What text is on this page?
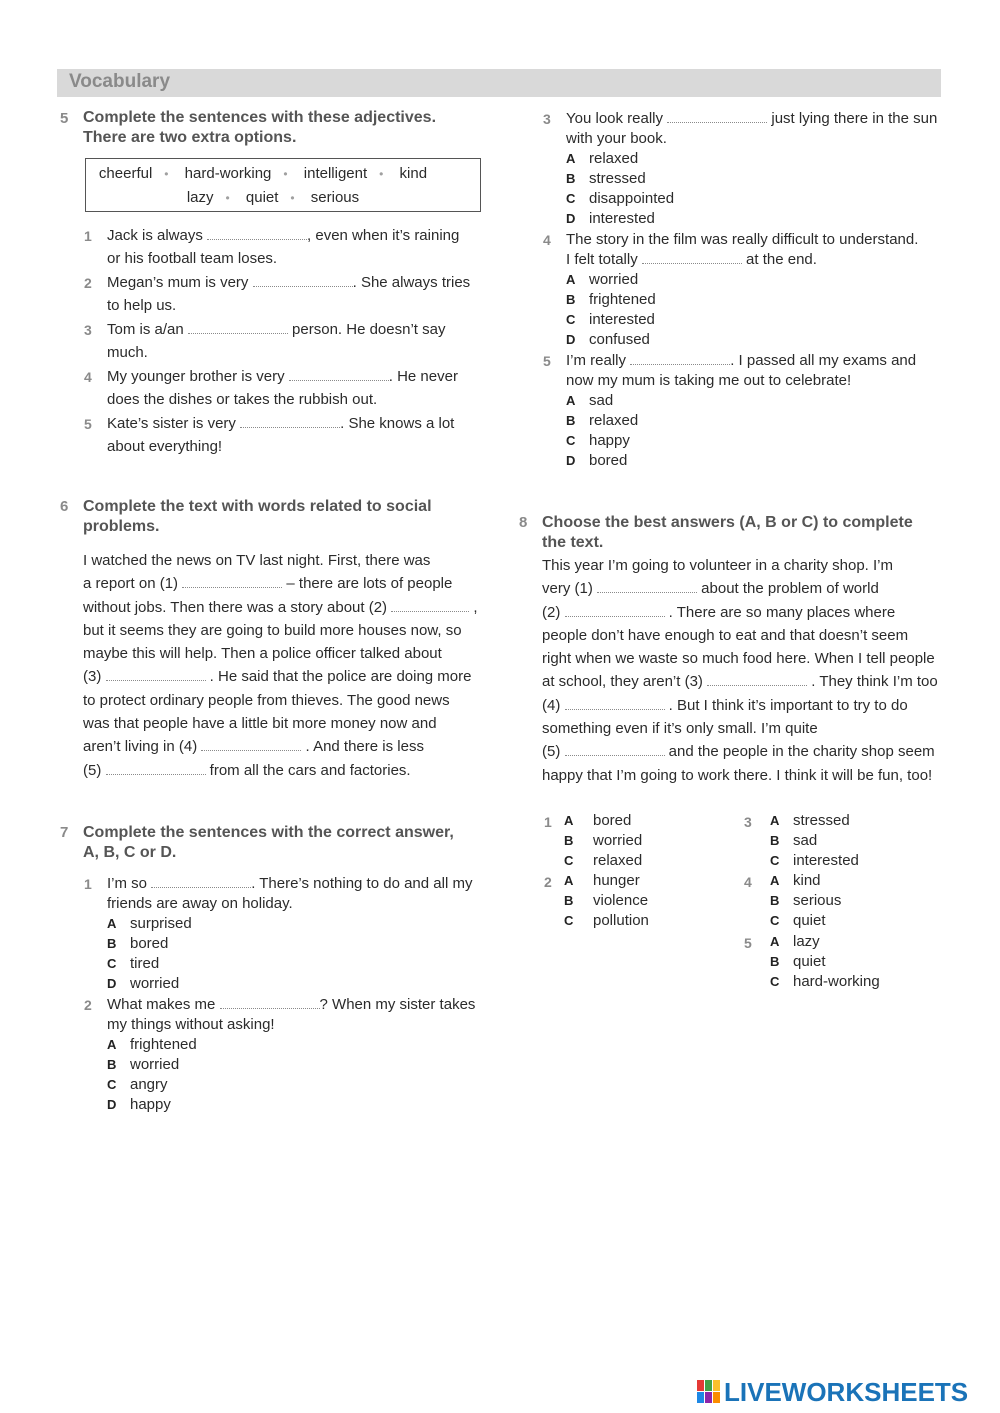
Vocabulary
5 Complete the sentences with these adjectives.
There are two extra options.
cheerful • hard-working • intelligent • kind
lazy • quiet • serious
1 Jack is always	, even when it’s raining
or his football team loses.
2 Megan’s mum is very	. She always tries
to help us.
3 Tom is a/an	person. He doesn’t say
much.
4 My younger brother is very	. He never
does the dishes or takes the rubbish out.
5 Kate’s sister is very	. She knows a lot
about everything!
6 Complete the text with words related to social
problems.
I watched the news on TV last night. First, there was
a report on (1)	– there are lots of people
without jobs. Then there was a story about (2)	,
but it seems they are going to build more houses now, so
maybe this will help. Then a police officer talked about
(3)	. He said that the police are doing more
to protect ordinary people from thieves. The good news
was that people have a little bit more money now and
aren’t living in (4)	. And there is less
(5)	from all the cars and factories.
7 Complete the sentences with the correct answer,
A, B, C or D.
1 I’m so	. There’s nothing to do and all my
friends are away on holiday.
A surprised
B bored
C tired
D worried
2 What makes me	? When my sister takes
my things without asking!
A frightened
B worried
C angry
D happy
3 You look really	just lying there in the sun
with your book.
A relaxed
B stressed
C disappointed
D interested
4 The story in the film was really difficult to understand.
I felt totally	at the end.
A worried
B frightened
C interested
D confused
5 I’m really	. I passed all my exams and
now my mum is taking me out to celebrate!
A sad
B relaxed
C happy
D bored
8 Choose the best answers (A, B or C) to complete
the text.
This year I’m going to volunteer in a charity shop. I’m
very (1)	about the problem of world
(2)	. There are so many places where
people don’t have enough to eat and that doesn’t seem
right when we waste so much food here. When I tell people
at school, they aren’t (3)	. They think I’m too
(4)	. But I think it’s important to try to do
something even if it’s only small. I’m quite
(5)	and the people in the charity shop seem
happy that I’m going to work there. I think it will be fun, too!
1 A bored
B worried
C relaxed
2 A hunger
B violence
C pollution
3 A stressed
B sad
C interested
4 A kind
B serious
C quiet
5 A lazy
B quiet
C hard-working
LIVEWORKSHEETS
